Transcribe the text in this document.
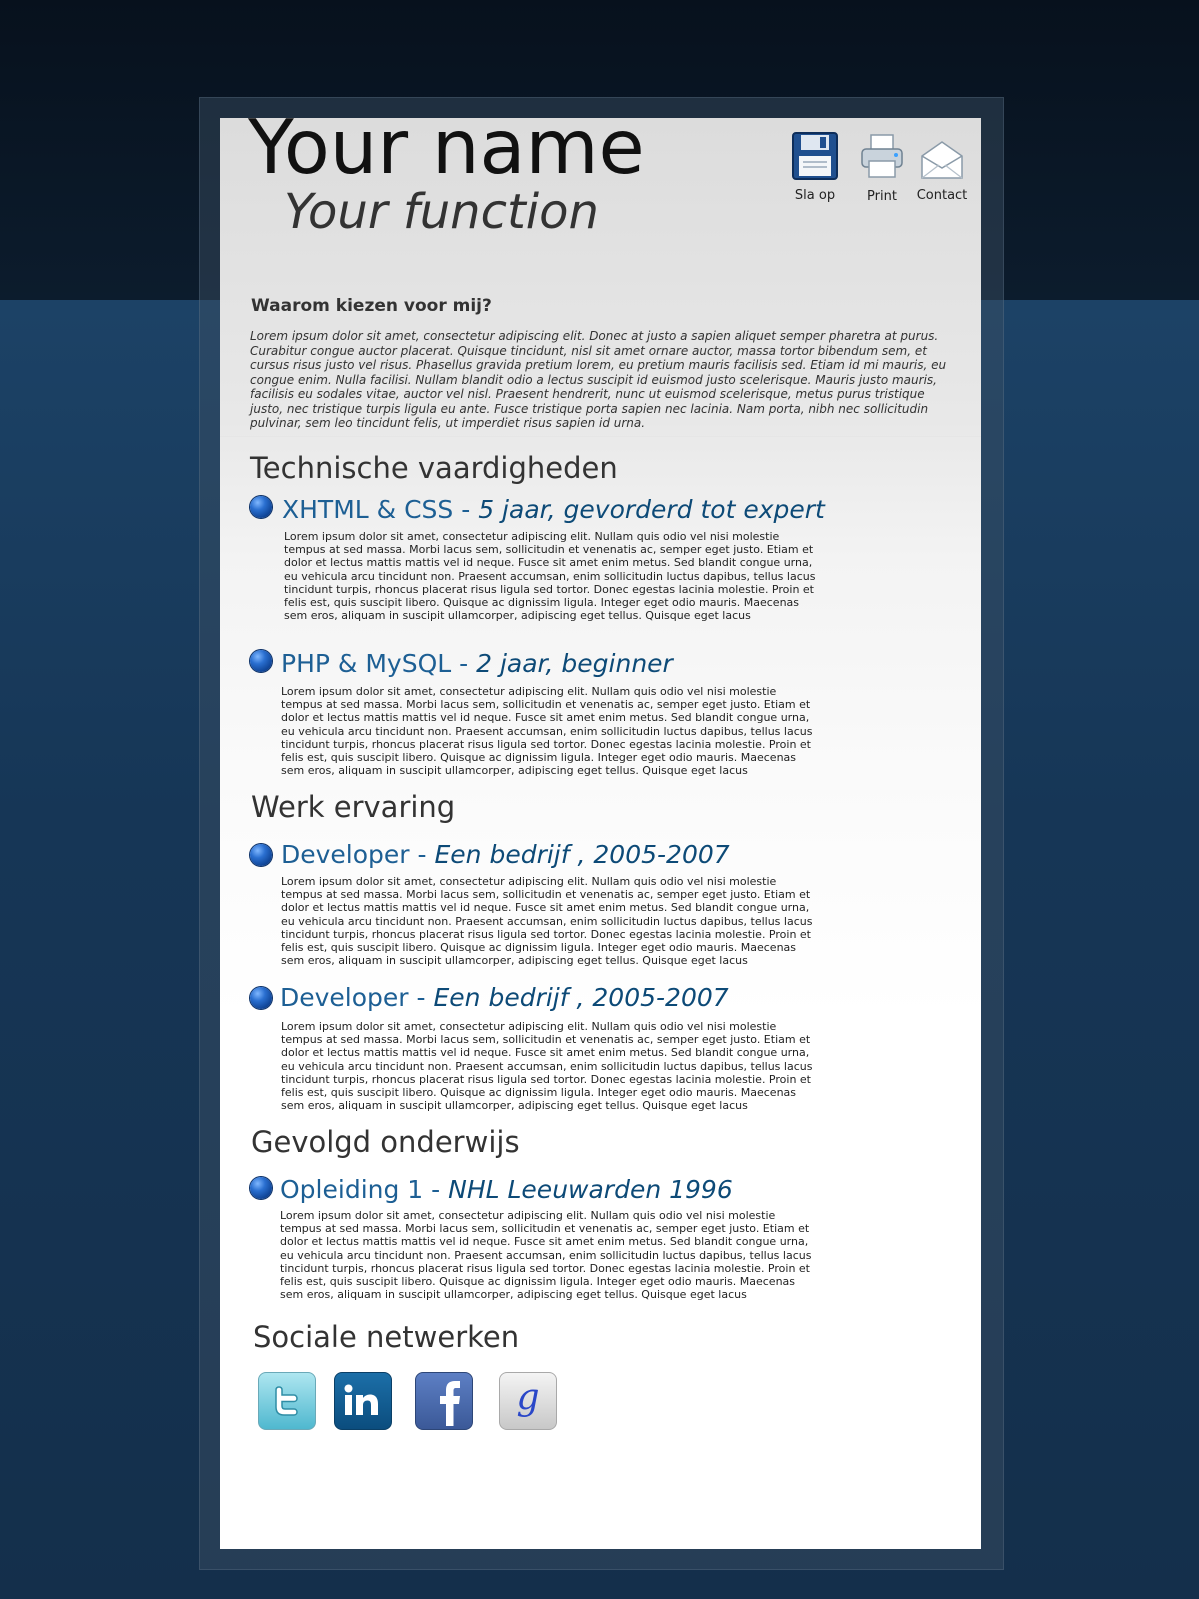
Your name
Your function	Sla op	Print	Contact
Waarom kiezen voor mij?
Lorem ipsum dolor sit amet, consectetur adipiscing elit. Donec at justo a sapien aliquet semper pharetra at purus. Curabitur congue auctor placerat. Quisque tincidunt, nisl sit amet ornare auctor, massa tortor bibendum sem, et cursus risus justo vel risus. Phasellus gravida pretium lorem, eu pretium mauris facilisis sed. Etiam id mi mauris, eu congue enim. Nulla facilisi. Nullam blandit odio a lectus suscipit id euismod justo scelerisque. Mauris justo mauris, facilisis eu sodales vitae, auctor vel nisl. Praesent hendrerit, nunc ut euismod scelerisque, metus purus tristique justo, nec tristique turpis ligula eu ante. Fusce tristique porta sapien nec lacinia. Nam porta, nibh nec sollicitudin pulvinar, sem leo tincidunt felis, ut imperdiet risus sapien id urna.
Technische vaardigheden
XHTML & CSS - 5 jaar, gevorderd tot expert
Lorem ipsum dolor sit amet, consectetur adipiscing elit. Nullam quis odio vel nisi molestie tempus at sed massa. Morbi lacus sem, sollicitudin et venenatis ac, semper eget justo. Etiam et dolor et lectus mattis mattis vel id neque. Fusce sit amet enim metus. Sed blandit congue urna, eu vehicula arcu tincidunt non. Praesent accumsan, enim sollicitudin luctus dapibus, tellus lacus tincidunt turpis, rhoncus placerat risus ligula sed tortor. Donec egestas lacinia molestie. Proin et felis est, quis suscipit libero. Quisque ac dignissim ligula. Integer eget odio mauris. Maecenas sem eros, aliquam in suscipit ullamcorper, adipiscing eget tellus. Quisque eget lacus
PHP & MySQL - 2 jaar, beginner
Lorem ipsum dolor sit amet, consectetur adipiscing elit. Nullam quis odio vel nisi molestie tempus at sed massa. Morbi lacus sem, sollicitudin et venenatis ac, semper eget justo. Etiam et dolor et lectus mattis mattis vel id neque. Fusce sit amet enim metus. Sed blandit congue urna, eu vehicula arcu tincidunt non. Praesent accumsan, enim sollicitudin luctus dapibus, tellus lacus tincidunt turpis, rhoncus placerat risus ligula sed tortor. Donec egestas lacinia molestie. Proin et felis est, quis suscipit libero. Quisque ac dignissim ligula. Integer eget odio mauris. Maecenas sem eros, aliquam in suscipit ullamcorper, adipiscing eget tellus. Quisque eget lacus
Werk ervaring
Developer - Een bedrijf , 2005-2007
Lorem ipsum dolor sit amet, consectetur adipiscing elit. Nullam quis odio vel nisi molestie tempus at sed massa. Morbi lacus sem, sollicitudin et venenatis ac, semper eget justo. Etiam et dolor et lectus mattis mattis vel id neque. Fusce sit amet enim metus. Sed blandit congue urna, eu vehicula arcu tincidunt non. Praesent accumsan, enim sollicitudin luctus dapibus, tellus lacus tincidunt turpis, rhoncus placerat risus ligula sed tortor. Donec egestas lacinia molestie. Proin et felis est, quis suscipit libero. Quisque ac dignissim ligula. Integer eget odio mauris. Maecenas sem eros, aliquam in suscipit ullamcorper, adipiscing eget tellus. Quisque eget lacus
Developer - Een bedrijf , 2005-2007
Lorem ipsum dolor sit amet, consectetur adipiscing elit. Nullam quis odio vel nisi molestie tempus at sed massa. Morbi lacus sem, sollicitudin et venenatis ac, semper eget justo. Etiam et dolor et lectus mattis mattis vel id neque. Fusce sit amet enim metus. Sed blandit congue urna, eu vehicula arcu tincidunt non. Praesent accumsan, enim sollicitudin luctus dapibus, tellus lacus tincidunt turpis, rhoncus placerat risus ligula sed tortor. Donec egestas lacinia molestie. Proin et felis est, quis suscipit libero. Quisque ac dignissim ligula. Integer eget odio mauris. Maecenas sem eros, aliquam in suscipit ullamcorper, adipiscing eget tellus. Quisque eget lacus
Gevolgd onderwijs
Opleiding 1 - NHL Leeuwarden 1996
Lorem ipsum dolor sit amet, consectetur adipiscing elit. Nullam quis odio vel nisi molestie tempus at sed massa. Morbi lacus sem, sollicitudin et venenatis ac, semper eget justo. Etiam et dolor et lectus mattis mattis vel id neque. Fusce sit amet enim metus. Sed blandit congue urna, eu vehicula arcu tincidunt non. Praesent accumsan, enim sollicitudin luctus dapibus, tellus lacus tincidunt turpis, rhoncus placerat risus ligula sed tortor. Donec egestas lacinia molestie. Proin et felis est, quis suscipit libero. Quisque ac dignissim ligula. Integer eget odio mauris. Maecenas sem eros, aliquam in suscipit ullamcorper, adipiscing eget tellus. Quisque eget lacus
Sociale netwerken
g
